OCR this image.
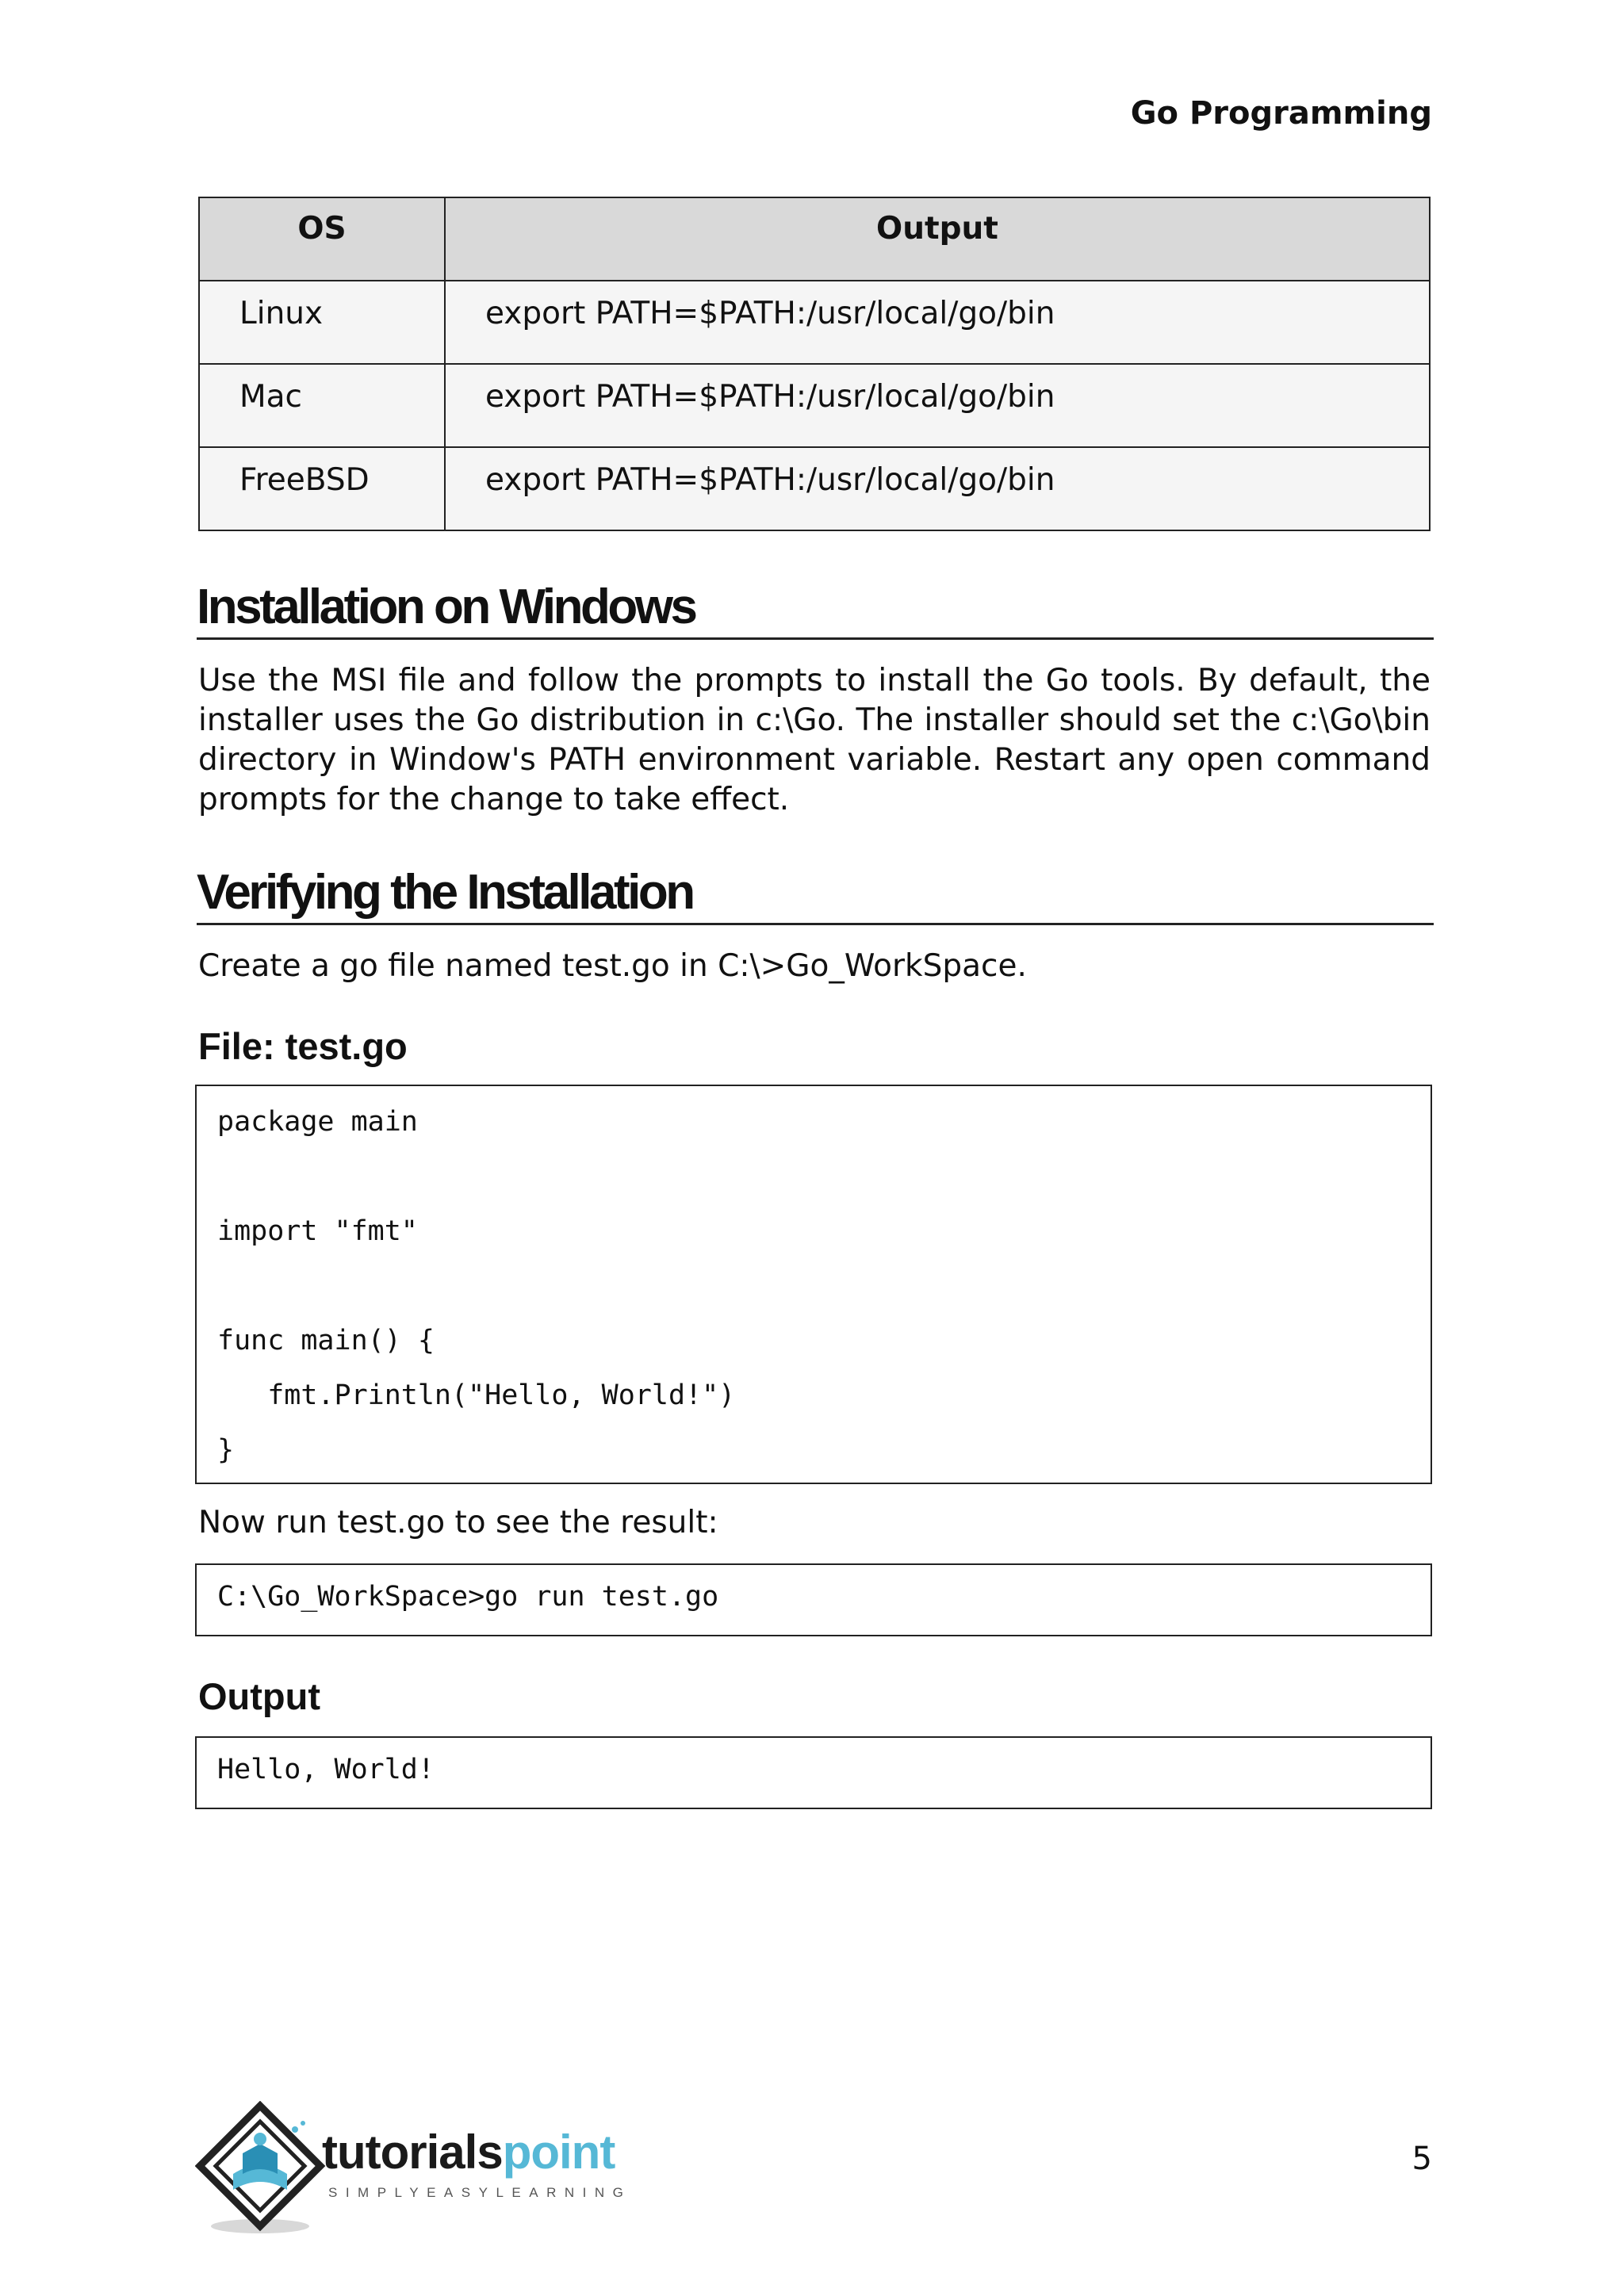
Go Programming
OS	Output
Linux	export PATH=$PATH:/usr/local/go/bin
Mac	export PATH=$PATH:/usr/local/go/bin
FreeBSD	export PATH=$PATH:/usr/local/go/bin
Installation on Windows

Use the MSI file and follow the prompts to install the Go tools. By default, the installer uses the Go distribution in c:\Go. The installer should set the c:\Go\bin directory in Window's PATH environment variable. Restart any open command prompts for the change to take effect.

Verifying the Installation

Create a go file named test.go in C:\>Go_WorkSpace.

File: test.go
package main
import "fmt"
func main() {
fmt.Println("Hello, World!")
}

Now run test.go to see the result:

C:\Go_WorkSpace>go run test.go
Output
Hello, World!
tutorialspoint
SIMPLYEASYLEARNING
5
